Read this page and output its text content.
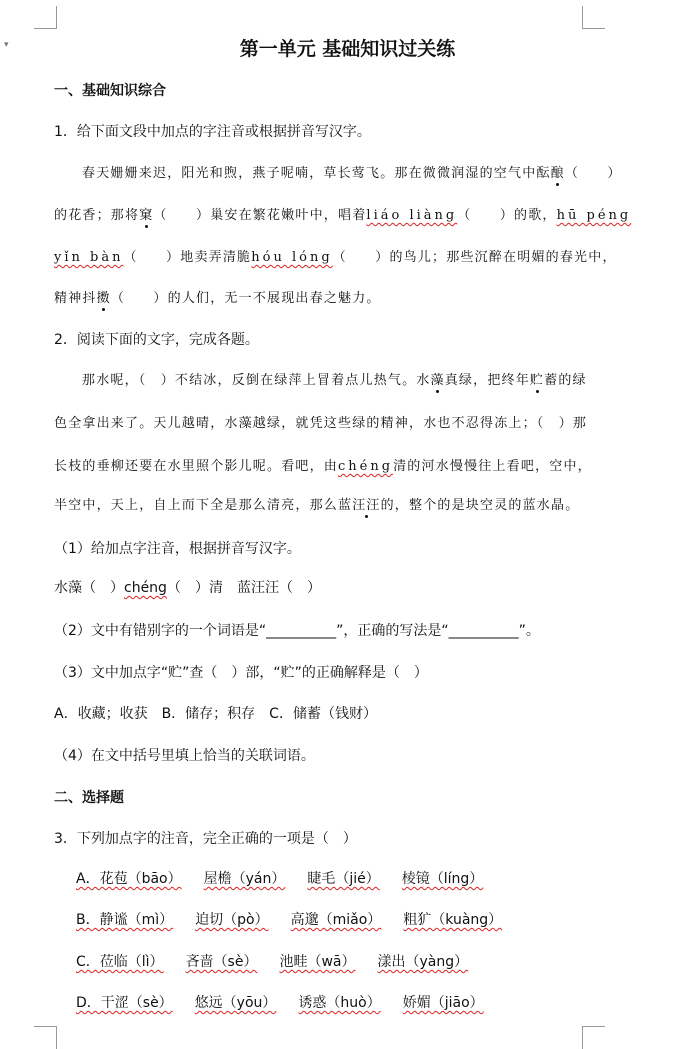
▾	第一单元 基础知识过关练
一、基础知识综合
1．给下面文段中加点的字注音或根据拼音写汉字。
春天姗姗来迟，阳光和煦，燕子呢喃，草长莺飞。那在微微润湿的空气中酝酿（　　）
的花香；那将窠（　　）巢安在繁花嫩叶中，唱着liáo liàng（　　）的歌，hū péng
yǐn bàn（　　）地卖弄清脆hóu lóng（　　）的鸟儿；那些沉醉在明媚的春光中，
精神抖擞（　　）的人们，无一不展现出春之魅力。
2．阅读下面的文字，完成各题。
那水呢，（　）不结冰，反倒在绿萍上冒着点儿热气。水藻真绿，把终年贮蓄的绿
色全拿出来了。天儿越晴，水藻越绿，就凭这些绿的精神，水也不忍得冻上；（　）那
长枝的垂柳还要在水里照个影儿呢。看吧，由chéng清的河水慢慢往上看吧，空中，
半空中，天上，自上而下全是那么清亮，那么蓝汪汪的，整个的是块空灵的蓝水晶。
（1）给加点字注音，根据拼音写汉字。
水藻（　）chéng（　）清　蓝汪汪（　）
（2）文中有错别字的一个词语是“__________”，正确的写法是“__________”。
（3）文中加点字“贮”查（　）部，“贮”的正确解释是（　）
A．收藏；收获　B．储存；积存　C．储蓄（钱财）
（4）在文中括号里填上恰当的关联词语。
二、选择题
3．下列加点字的注音，完全正确的一项是（　）
A．花苞（bāo） 屋檐（yán） 睫毛（jié） 棱镜（líng）
B．静谧（mì） 迫切（pò） 高邈（miǎo） 粗犷（kuàng）
C．莅临（lì） 吝啬（sè） 池畦（wā） 漾出（yàng）
D．干涩（sè） 悠远（yōu） 诱惑（huò） 娇媚（jiāo）
